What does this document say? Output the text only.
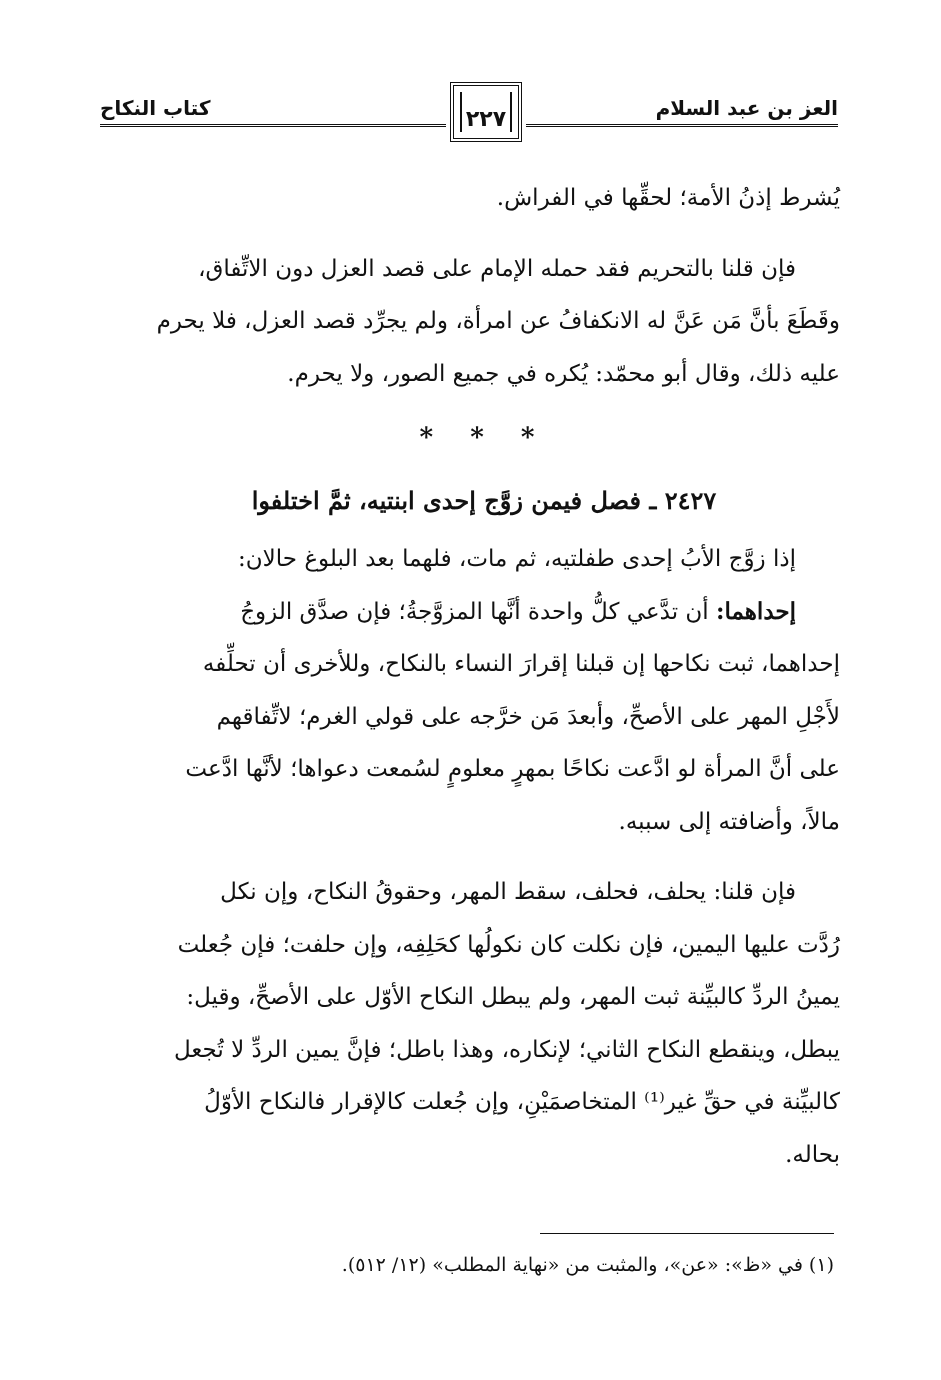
كتاب النكاح	٢٢٧	العز بن عبد السلام

يُشرط إذنُ الأمة؛ لحقِّها في الفراش.

فإن قلنا بالتحريم فقد حمله الإمام على قصد العزل دون الاتِّفاق،

وقَطَعَ بأنَّ مَن عَنَّ له الانكفافُ عن امرأة، ولم يجرِّد قصد العزل، فلا يحرم

عليه ذلك، وقال أبو محمّد: يُكره في جميع الصور، ولا يحرم.

* * *
٢٤٢٧ ـ فصل فيمن زوَّج إحدى ابنتيه، ثمَّ اختلفوا

إذا زوَّج الأبُ إحدى طفلتيه، ثم مات، فلهما بعد البلوغ حالان:

إحداهما: أن تدَّعي كلُّ واحدة أنَّها المزوَّجةُ؛ فإن صدَّق الزوجُ

إحداهما، ثبت نكاحها إن قبلنا إقرارَ النساء بالنكاح، وللأخرى أن تحلِّفه

لأَجْلِ المهر على الأصحِّ، وأبعدَ مَن خرَّجه على قولي الغرم؛ لاتِّفاقهم

على أنَّ المرأة لو ادَّعت نكاحًا بمهرٍ معلومٍ لسُمعت دعواها؛ لأنَّها ادَّعت

مالاً، وأضافته إلى سببه.

فإن قلنا: يحلف، فحلف، سقط المهر، وحقوقُ النكاح، وإن نكل

رُدَّت عليها اليمين، فإن نكلت كان نكولُها كحَلِفِه، وإن حلفت؛ فإن جُعلت

يمينُ الردِّ كالبيِّنة ثبت المهر، ولم يبطل النكاح الأوّل على الأصحِّ، وقيل:

يبطل، وينقطع النكاح الثاني؛ لإنكاره، وهذا باطل؛ فإنَّ يمين الردِّ لا تُجعل

كالبيِّنة في حقِّ غير⁽¹⁾ المتخاصمَيْنِ، وإن جُعلت كالإقرار فالنكاح الأوّلُ

بحاله.

(١) في «ظ»: «عن»، والمثبت من «نهاية المطلب» (١٢/ ٥١٢).
